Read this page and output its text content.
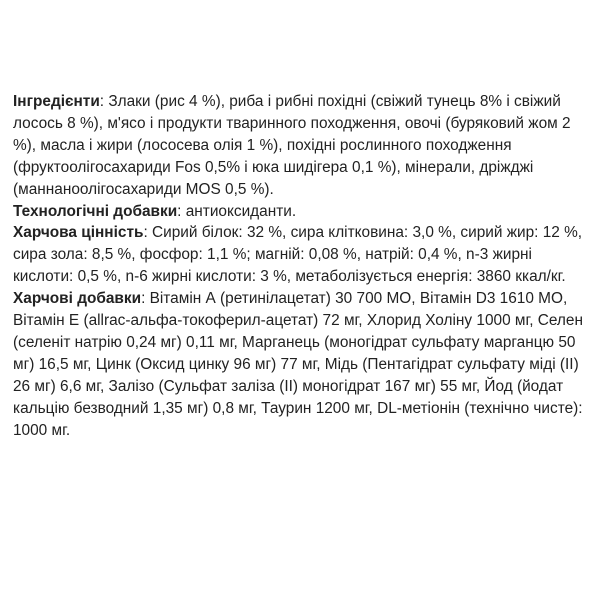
Інгредієнти: Злаки (рис 4 %), риба і рибні похідні (свіжий тунець 8% і свіжий лосось 8 %), м'ясо і продукти тваринного походження, овочі (буряковий жом 2 %), масла і жири (лососева олія 1 %), похідні рослинного походження (фруктоолігосахариди Fos 0,5% і юка шидігера 0,1 %), мінерали, дріжджі (маннаноолігосахариди MOS 0,5 %).

Технологічні добавки: антиоксиданти.

Харчова цінність: Сирий білок: 32 %, сира клітковина: 3,0 %, сирий жир: 12 %, сира зола: 8,5 %, фосфор: 1,1 %; магній: 0,08 %, натрій: 0,4 %, n-3 жирні кислоти: 0,5 %, n-6 жирні кислоти: 3 %, метаболізується енергія: 3860 ккал/кг.

Харчові добавки: Вітамін А (ретинілацетат) 30 700 МО, Вітамін D3 1610 МО, Вітамін Е (allrac-альфа-токоферил-ацетат) 72 мг, Хлорид Холіну 1000 мг, Селен (селеніт натрію 0,24 мг) 0,11 мг, Марганець (моногідрат сульфату марганцю 50 мг) 16,5 мг, Цинк (Оксид цинку 96 мг) 77 мг, Мідь (Пентагідрат сульфату міді (II) 26 мг) 6,6 мг, Залізо (Сульфат заліза (II) моногідрат 167 мг) 55 мг, Йод (йодат кальцію безводний 1,35 мг) 0,8 мг, Таурин 1200 мг, DL-метіонін (технічно чисте): 1000 мг.
